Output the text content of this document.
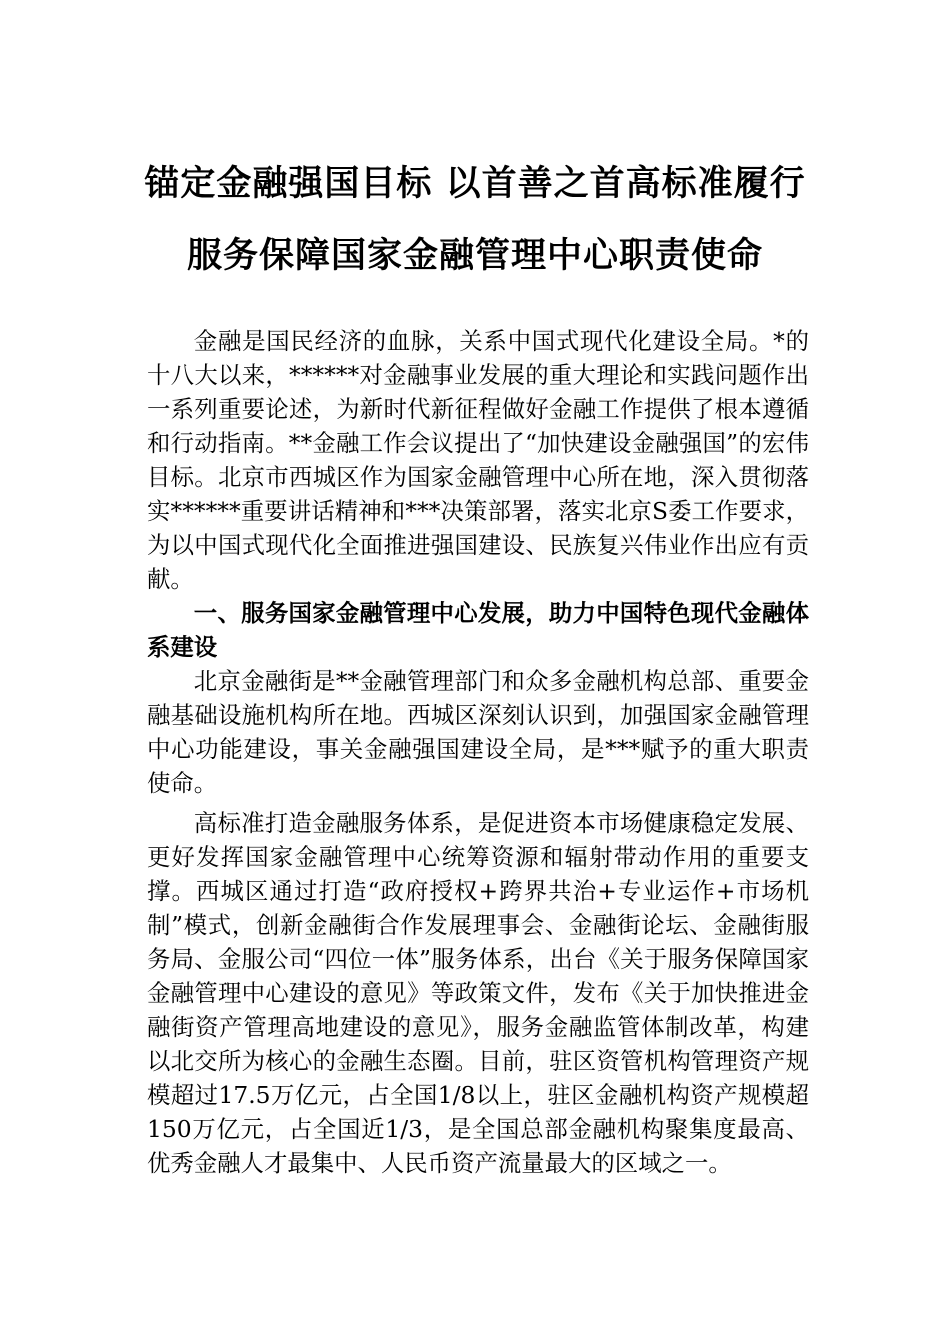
锚定金融强国目标 以首善之首高标准履行
服务保障国家金融管理中心职责使命

金融是国民经济的血脉，关系中国式现代化建设全局。*的十八大以来，******对金融事业发展的重大理论和实践问题作出一系列重要论述，为新时代新征程做好金融工作提供了根本遵循和行动指南。**金融工作会议提出了“加快建设金融强国”的宏伟目标。北京市西城区作为国家金融管理中心所在地，深入贯彻落实******重要讲话精神和***决策部署，落实北京S委工作要求，为以中国式现代化全面推进强国建设、民族复兴伟业作出应有贡献。

一、服务国家金融管理中心发展，助力中国特色现代金融体系建设

北京金融街是**金融管理部门和众多金融机构总部、重要金融基础设施机构所在地。西城区深刻认识到，加强国家金融管理中心功能建设，事关金融强国建设全局，是***赋予的重大职责使命。

高标准打造金融服务体系，是促进资本市场健康稳定发展、更好发挥国家金融管理中心统筹资源和辐射带动作用的重要支撑。西城区通过打造“政府授权+跨界共治+专业运作+市场机制”模式，创新金融街合作发展理事会、金融街论坛、金融街服务局、金服公司“四位一体”服务体系，出台《关于服务保障国家金融管理中心建设的意见》等政策文件，发布《关于加快推进金融街资产管理高地建设的意见》，服务金融监管体制改革，构建以北交所为核心的金融生态圈。目前，驻区资管机构管理资产规模超过17.5万亿元，占全国1/8以上，驻区金融机构资产规模超150万亿元，占全国近1/3，是全国总部金融机构聚集度最高、优秀金融人才最集中、人民币资产流量最大的区域之一。
